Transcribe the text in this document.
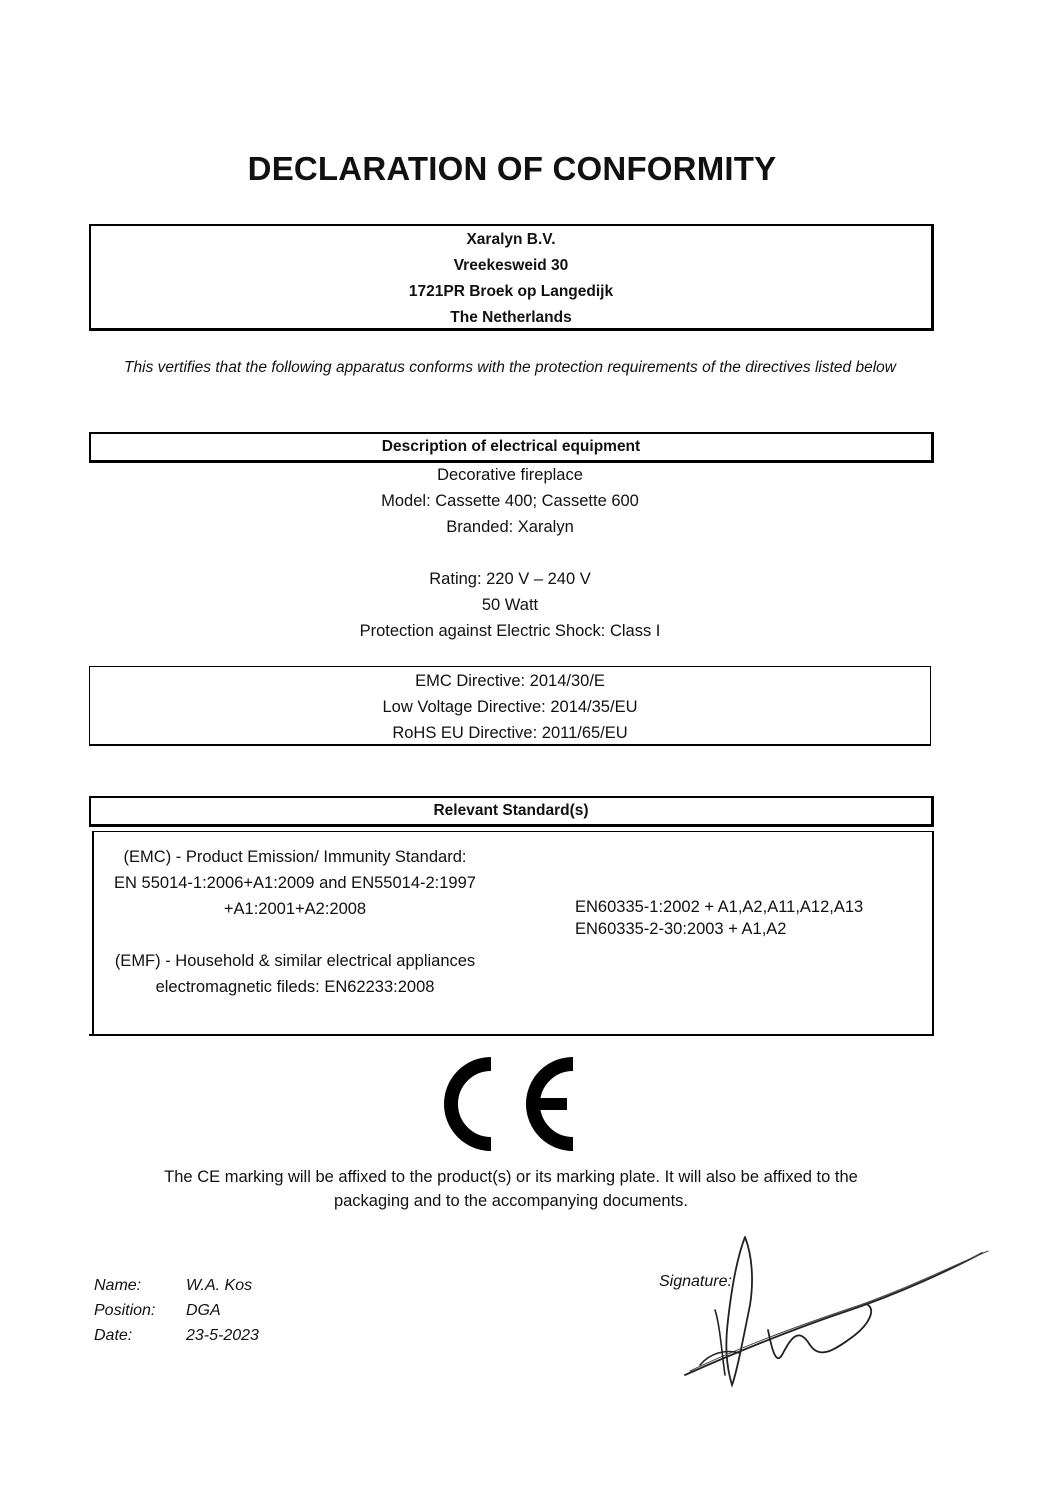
DECLARATION OF CONFORMITY
Xaralyn B.V.
Vreekesweid 30
1721PR Broek op Langedijk
The Netherlands
This vertifies that the following apparatus conforms with the protection requirements of the directives listed below
Description of electrical equipment
Decorative fireplace
Model: Cassette 400; Cassette 600
Branded: Xaralyn
Rating: 220 V – 240 V
50 Watt
Protection against Electric Shock: Class I
EMC Directive: 2014/30/E
Low Voltage Directive: 2014/35/EU
RoHS EU Directive: 2011/65/EU
Relevant Standard(s)
(EMC) - Product Emission/ Immunity Standard:
EN 55014-1:2006+A1:2009 and EN55014-2:1997
+A1:2001+A2:2008
(EMF) - Household & similar electrical appliances
electromagnetic fileds: EN62233:2008
EN60335-1:2002 + A1,A2,A11,A12,A13
EN60335-2-30:2003 + A1,A2
The CE marking will be affixed to the product(s) or its marking plate. It will also be affixed to the
packaging and to the accompanying documents.
Name:
Position:
Date:
W.A. Kos
DGA
23-5-2023
Signature:
